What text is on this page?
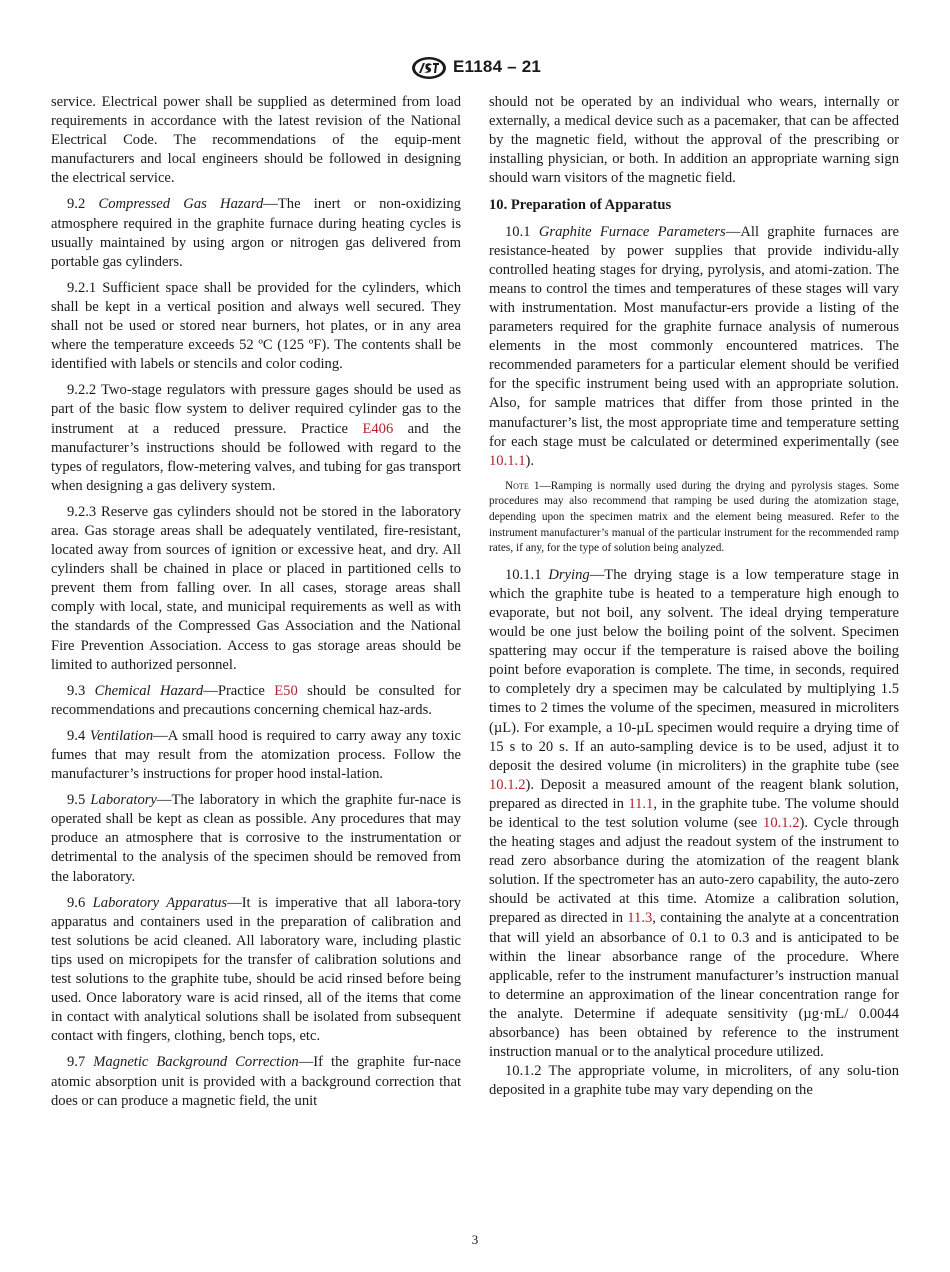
E1184 – 21

service. Electrical power shall be supplied as determined from load requirements in accordance with the latest revision of the National Electrical Code. The recommendations of the equip-ment manufacturers and local engineers should be followed in designing the electrical service.

9.2 Compressed Gas Hazard—The inert or non-oxidizing atmosphere required in the graphite furnace during heating cycles is usually maintained by using argon or nitrogen gas delivered from portable gas cylinders.

9.2.1 Sufficient space shall be provided for the cylinders, which shall be kept in a vertical position and always well secured. They shall not be used or stored near burners, hot plates, or in any area where the temperature exceeds 52 ºC (125 ºF). The contents shall be identified with labels or stencils and color coding.

9.2.2 Two-stage regulators with pressure gages should be used as part of the basic flow system to deliver required cylinder gas to the instrument at a reduced pressure. Practice E406 and the manufacturer’s instructions should be followed with regard to the types of regulators, flow-metering valves, and tubing for gas transport when designing a gas delivery system.

9.2.3 Reserve gas cylinders should not be stored in the laboratory area. Gas storage areas shall be adequately ventilated, fire-resistant, located away from sources of ignition or excessive heat, and dry. All cylinders shall be chained in place or placed in partitioned cells to prevent them from falling over. In all cases, storage areas shall comply with local, state, and municipal requirements as well as with the standards of the Compressed Gas Association and the National Fire Prevention Association. Access to gas storage areas should be limited to authorized personnel.

9.3 Chemical Hazard—Practice E50 should be consulted for recommendations and precautions concerning chemical haz-ards.

9.4 Ventilation—A small hood is required to carry away any toxic fumes that may result from the atomization process. Follow the manufacturer’s instructions for proper hood instal-lation.

9.5 Laboratory—The laboratory in which the graphite fur-nace is operated shall be kept as clean as possible. Any procedures that may produce an atmosphere that is corrosive to the instrumentation or detrimental to the analysis of the specimen should be removed from the laboratory.

9.6 Laboratory Apparatus—It is imperative that all labora-tory apparatus and containers used in the preparation of calibration and test solutions be acid cleaned. All laboratory ware, including plastic tips used on micropipets for the transfer of calibration solutions and test solutions to the graphite tube, should be acid rinsed before being used. Once laboratory ware is acid rinsed, all of the items that come in contact with analytical solutions shall be isolated from subsequent contact with fingers, clothing, bench tops, etc.

9.7 Magnetic Background Correction—If the graphite fur-nace atomic absorption unit is provided with a background correction that does or can produce a magnetic field, the unit

should not be operated by an individual who wears, internally or externally, a medical device such as a pacemaker, that can be affected by the magnetic field, without the approval of the prescribing or installing physician, or both. In addition an appropriate warning sign should warn visitors of the magnetic field.

10. Preparation of Apparatus

10.1 Graphite Furnace Parameters—All graphite furnaces are resistance-heated by power supplies that provide individu-ally controlled heating stages for drying, pyrolysis, and atomi-zation. The means to control the times and temperatures of these stages will vary with instrumentation. Most manufactur-ers provide a listing of the parameters required for the graphite furnace analysis of numerous elements in the most commonly encountered matrices. The recommended parameters for a particular element should be verified for the specific instrument being used with an appropriate solution. Also, for sample matrices that differ from those printed in the manufacturer’s list, the most appropriate time and temperature setting for each stage must be calculated or determined experimentally (see 10.1.1).

Note 1—Ramping is normally used during the drying and pyrolysis stages. Some procedures may also recommend that ramping be used during the atomization stage, depending upon the specimen matrix and the element being measured. Refer to the instrument manufacturer’s manual of the particular instrument for the recommended ramp rates, if any, for the type of solution being analyzed.

10.1.1 Drying—The drying stage is a low temperature stage in which the graphite tube is heated to a temperature high enough to evaporate, but not boil, any solvent. The ideal drying temperature would be one just below the boiling point of the solvent. Specimen spattering may occur if the temperature is raised above the boiling point before evaporation is complete. The time, in seconds, required to completely dry a specimen may be calculated by multiplying 1.5 times to 2 times the volume of the specimen, measured in microliters (µL). For example, a 10-µL specimen would require a drying time of 15 s to 20 s. If an auto-sampling device is to be used, adjust it to deposit the desired volume (in microliters) in the graphite tube (see 10.1.2). Deposit a measured amount of the reagent blank solution, prepared as directed in 11.1, in the graphite tube. The volume should be identical to the test solution volume (see 10.1.2). Cycle through the heating stages and adjust the readout system of the instrument to read zero absorbance during the atomization of the reagent blank solution. If the spectrometer has an auto-zero capability, the auto-zero should be activated at this time. Atomize a calibration solution, prepared as directed in 11.3, containing the analyte at a concentration that will yield an absorbance of 0.1 to 0.3 and is anticipated to be within the linear absorbance range of the procedure. Where applicable, refer to the instrument manufacturer’s instruction manual to determine an approximation of the linear concentration range for the analyte. Determine if adequate sensitivity (µg·mL/ 0.0044 absorbance) has been obtained by reference to the instrument instruction manual or to the analytical procedure utilized.

10.1.2 The appropriate volume, in microliters, of any solu-tion deposited in a graphite tube may vary depending on the

3
